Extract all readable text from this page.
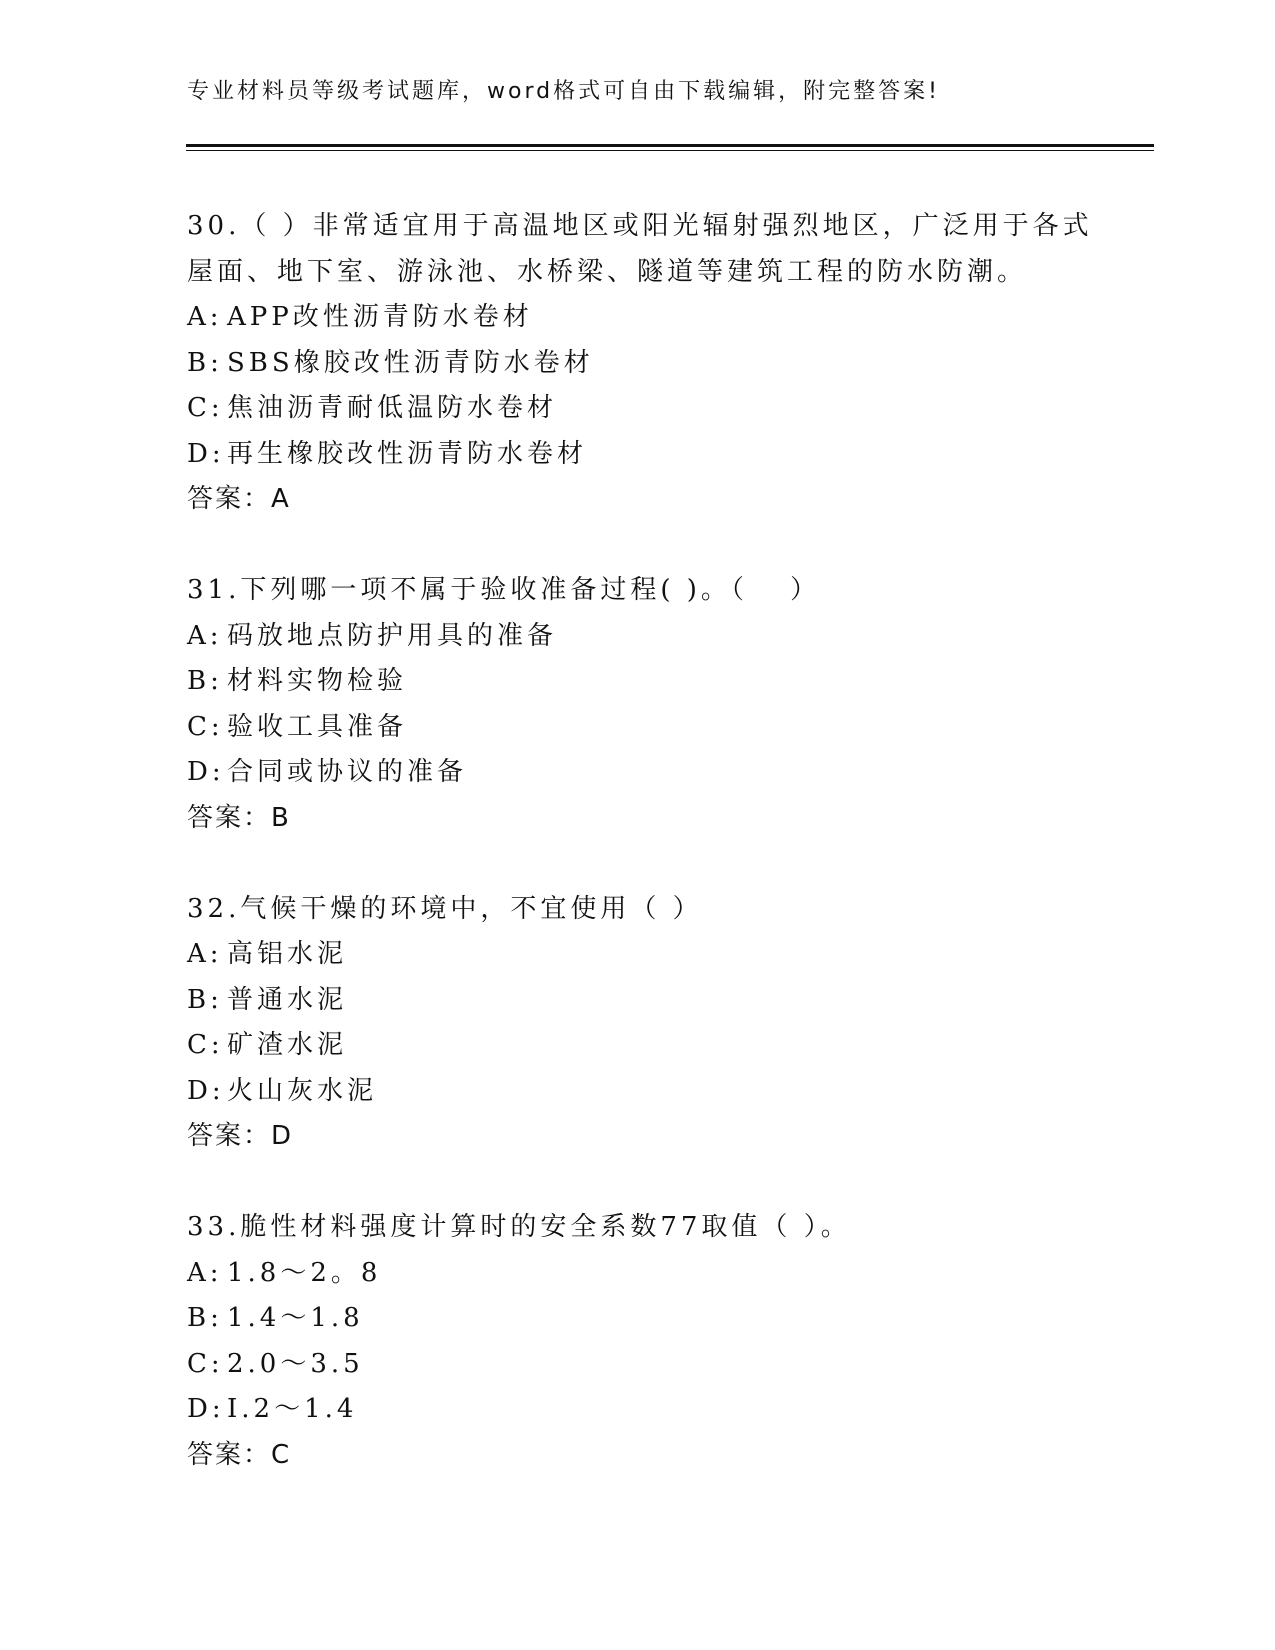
专业材料员等级考试题库，word格式可自由下载编辑，附完整答案!
30.（ ）非常适宜用于高温地区或阳光辐射强烈地区，广泛用于各式
屋面、地下室、游泳池、水桥梁、隧道等建筑工程的防水防潮。
A: APP改性沥青防水卷材
B: SBS橡胶改性沥青防水卷材
C: 焦油沥青耐低温防水卷材
D:再生橡胶改性沥青防水卷材
答案：A
31.下列哪一项不属于验收准备过程( )。（　 ）
A: 码放地点防护用具的准备
B: 材料实物检验
C: 验收工具准备
D:合同或协议的准备
答案：B
32.气候干燥的环境中，不宜使用（ ）
A: 高铝水泥
B: 普通水泥
C: 矿渣水泥
D:火山灰水泥
答案：D
33.脆性材料强度计算时的安全系数77取值（ ）。
A: 1.8～2。8
B: 1.4～1.8
C: 2.0～3.5
D:I.2～1.4
答案：C
